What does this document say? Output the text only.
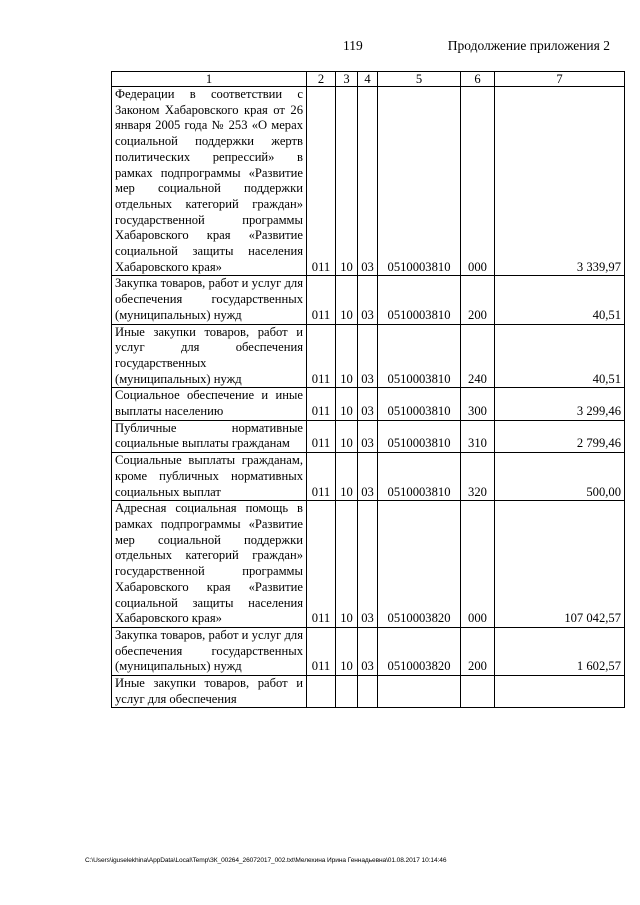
119	Продолжение приложения 2
1	2	3	4	5	6	7
Федерации в соответствии с Законом Хабаровского края от 26 января 2005 года № 253 «О мерах социальной поддержки жертв политических репрессий» в рамках подпрограммы «Развитие мер социальной поддержки отдельных категорий граждан» государственной программы Хабаровского края «Развитие социальной защиты населения Хабаровского края»	011	10	03	0510003810	000	3 339,97
Закупка товаров, работ и услуг для обеспечения государственных (муниципальных) нужд	011	10	03	0510003810	200	40,51
Иные закупки товаров, работ и услуг для обеспечения государственных (муниципальных) нужд	011	10	03	0510003810	240	40,51
Социальное обеспечение и иные выплаты населению	011	10	03	0510003810	300	3 299,46
Публичные нормативные социальные выплаты гражданам	011	10	03	0510003810	310	2 799,46
Социальные выплаты гражданам, кроме публичных нормативных социальных выплат	011	10	03	0510003810	320	500,00
Адресная социальная помощь в рамках подпрограммы «Развитие мер социальной поддержки отдельных категорий граждан» государственной программы Хабаровского края «Развитие социальной защиты населения Хабаровского края»	011	10	03	0510003820	000	107 042,57
Закупка товаров, работ и услуг для обеспечения государственных (муниципальных) нужд	011	10	03	0510003820	200	1 602,57
Иные закупки товаров, работ и услуг для обеспечения						
C:\Users\iguselekhina\AppData\Local\Temp\ЗК_00264_26072017_002.txt\Мелехина Ирина Геннадьевна\01.08.2017 10:14:46
